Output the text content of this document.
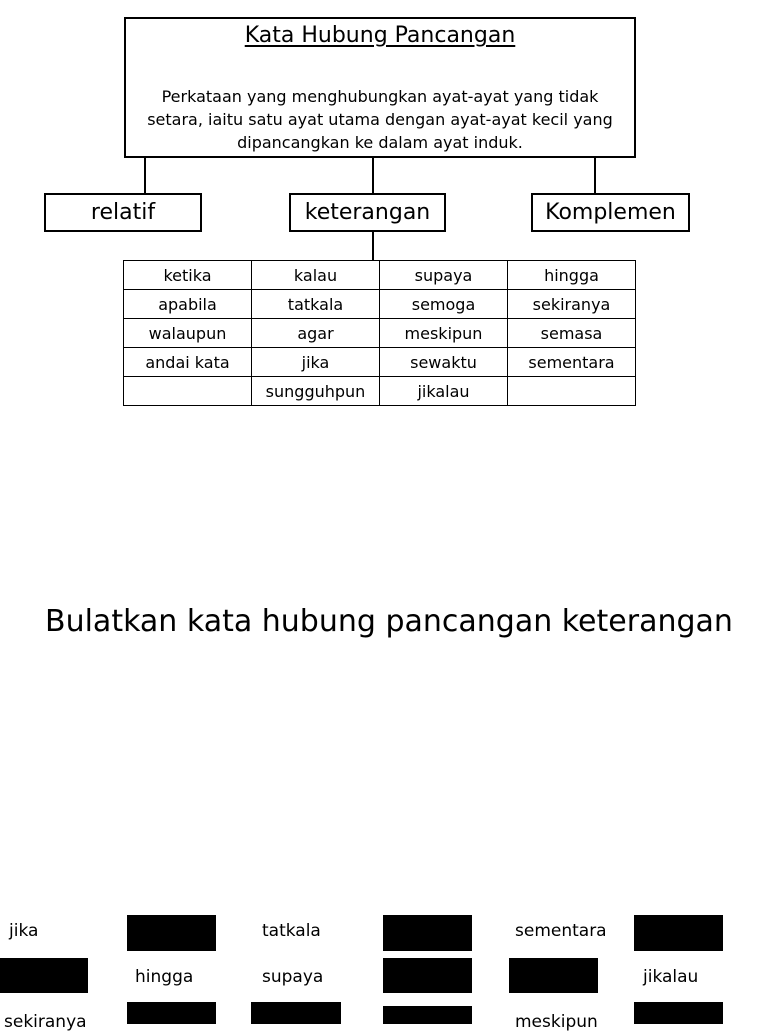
Kata Hubung Pancangan
Perkataan yang menghubungkan ayat-ayat yang tidak setara, iaitu satu ayat utama dengan ayat-ayat kecil yang dipancangkan ke dalam ayat induk.
relatif	keterangan	Komplemen
ketika	kalau	supaya	hingga
apabila	tatkala	semoga	sekiranya
walaupun	agar	meskipun	semasa
andai kata	jika	sewaktu	sementara
	sungguhpun	jikalau	
Bulatkan kata hubung pancangan keterangan
jika	tatkala	sementara
hingga	supaya	jikalau
sekiranya	meskipun
